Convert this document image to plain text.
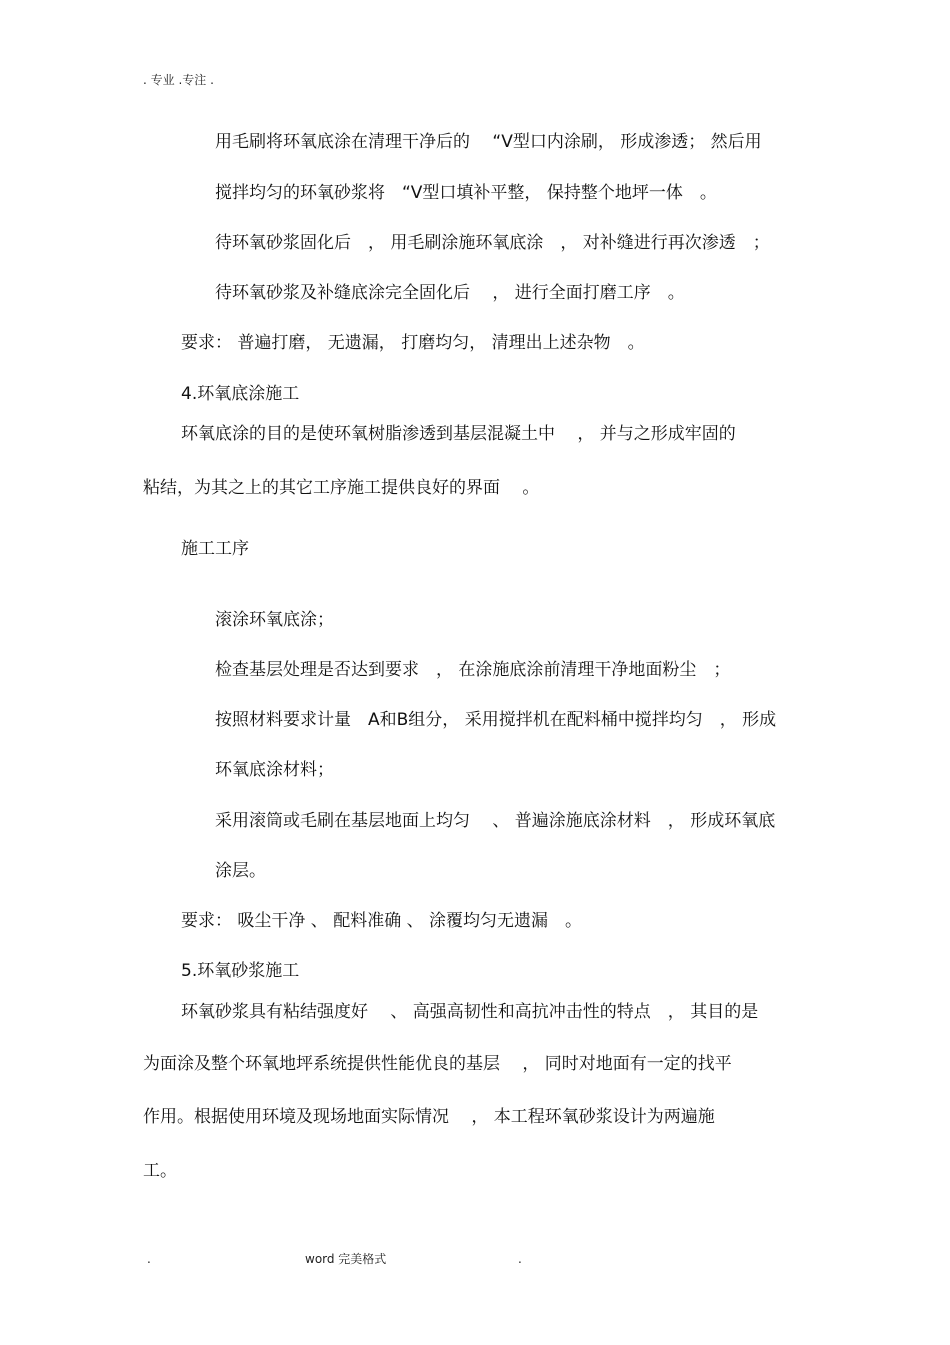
. 专业 .专注 .
用毛刷将环氧底涂在清理干净后的　 “V型口内涂刷， 形成渗透； 然后用
搅拌均匀的环氧砂浆将　“V型口填补平整， 保持整个地坪一体　。
待环氧砂浆固化后　， 用毛刷涂施环氧底涂　， 对补缝进行再次渗透　；
待环氧砂浆及补缝底涂完全固化后　 ， 进行全面打磨工序　。
要求： 普遍打磨， 无遗漏， 打磨均匀， 清理出上述杂物　。
4.环氧底涂施工
环氧底涂的目的是使环氧树脂渗透到基层混凝土中　 ， 并与之形成牢固的
粘结，为其之上的其它工序施工提供良好的界面　 。
施工工序
滚涂环氧底涂；
检查基层处理是否达到要求　， 在涂施底涂前清理干净地面粉尘　；
按照材料要求计量　A和B组分， 采用搅拌机在配料桶中搅拌均匀　， 形成
环氧底涂材料；
采用滚筒或毛刷在基层地面上均匀　 、 普遍涂施底涂材料　， 形成环氧底
涂层。
要求： 吸尘干净 、 配料准确 、 涂覆均匀无遗漏　。
5.环氧砂浆施工
环氧砂浆具有粘结强度好　 、 高强高韧性和高抗冲击性的特点　， 其目的是
为面涂及整个环氧地坪系统提供性能优良的基层　 ， 同时对地面有一定的找平
作用。根据使用环境及现场地面实际情况　 ， 本工程环氧砂浆设计为两遍施
工。
.	word 完美格式	.
